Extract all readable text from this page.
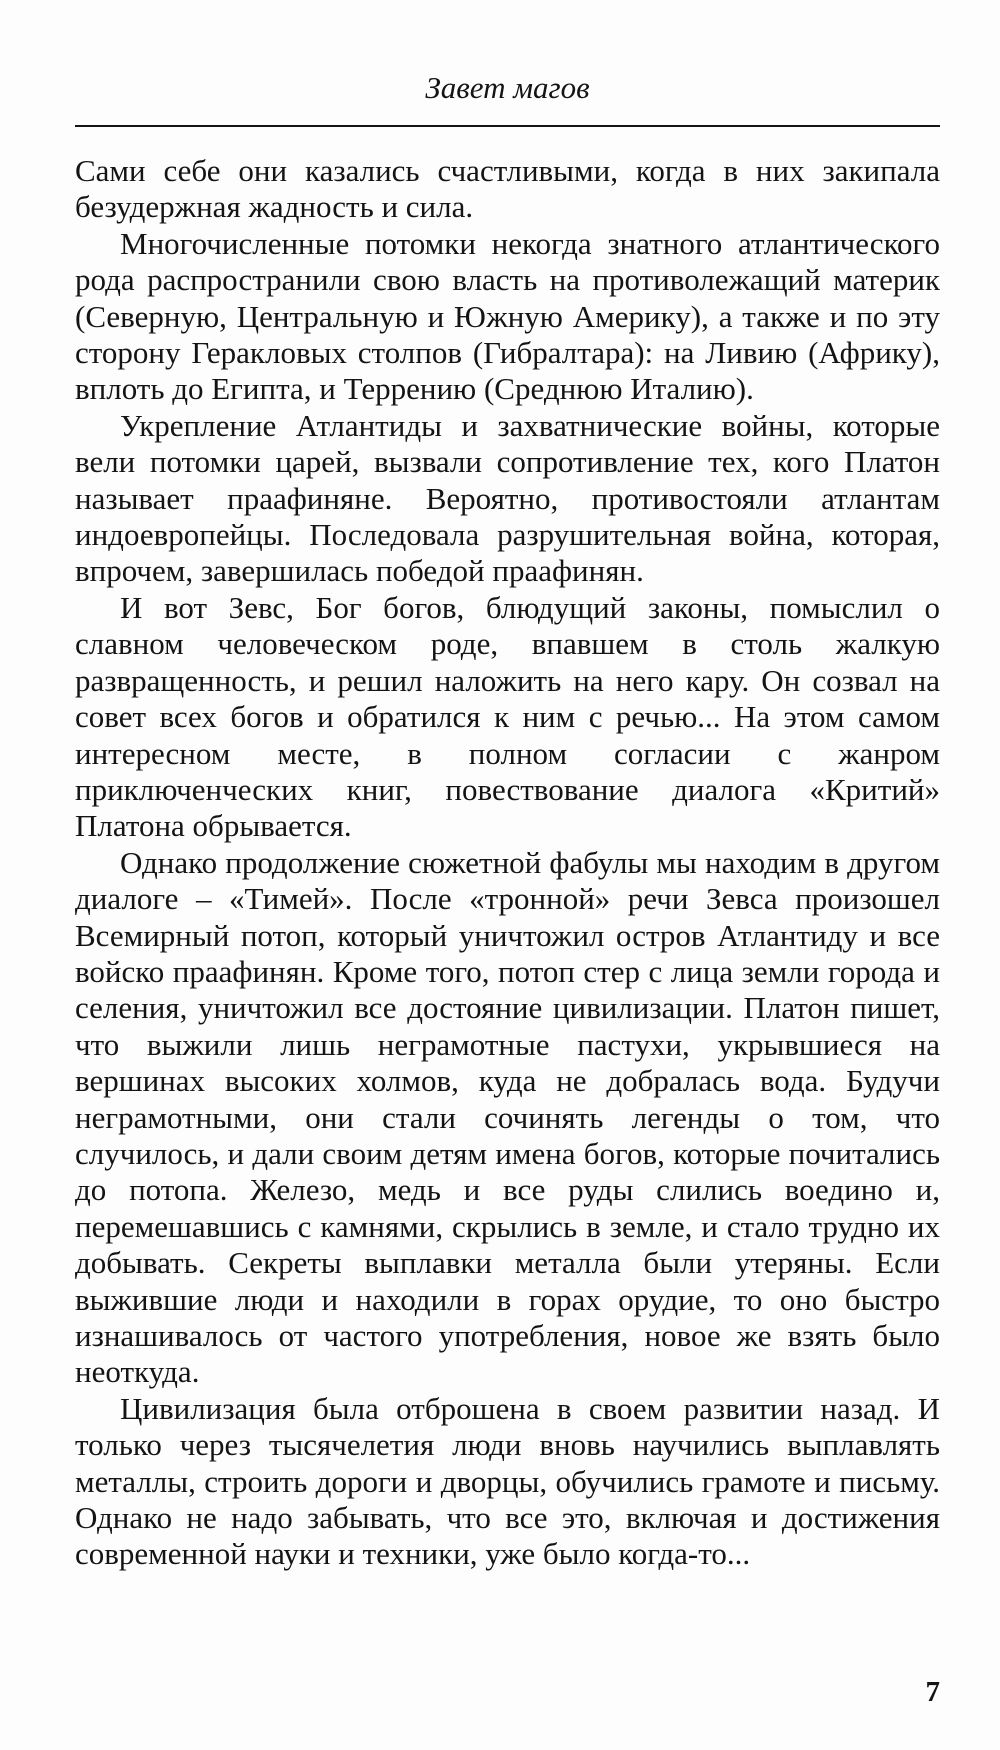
Завет магов

Сами себе они казались счастливыми, когда в них закипала безудержная жадность и сила.

Многочисленные потомки некогда знатного атлантического рода распространили свою власть на противолежащий материк (Северную, Центральную и Южную Америку), а также и по эту сторону Геракловых столпов (Гибралтара): на Ливию (Африку), вплоть до Египта, и Террению (Среднюю Италию).

Укрепление Атлантиды и захватнические войны, которые вели потомки царей, вызвали сопротивление тех, кого Платон называет праафиняне. Вероятно, противостояли атлантам индоевропейцы. Последовала разрушительная война, которая, впрочем, завершилась победой праафинян.

И вот Зевс, Бог богов, блюдущий законы, помыслил о славном человеческом роде, впавшем в столь жалкую развращенность, и решил наложить на него кару. Он созвал на совет всех богов и обратился к ним с речью... На этом самом интересном месте, в полном согласии с жанром приключенческих книг, повествование диалога «Критий» Платона обрывается.

Однако продолжение сюжетной фабулы мы находим в другом диалоге – «Тимей». После «тронной» речи Зевса произошел Всемирный потоп, который уничтожил остров Атлантиду и все войско праафинян. Кроме того, потоп стер с лица земли города и селения, уничтожил все достояние цивилизации. Платон пишет, что выжили лишь неграмотные пастухи, укрывшиеся на вершинах высоких холмов, куда не добралась вода. Будучи неграмотными, они стали сочинять легенды о том, что случилось, и дали своим детям имена богов, которые почитались до потопа. Железо, медь и все руды слились воедино и, перемешавшись с камнями, скрылись в земле, и стало трудно их добывать. Секреты выплавки металла были утеряны. Если выжившие люди и находили в горах орудие, то оно быстро изнашивалось от частого употребления, новое же взять было неоткуда.

Цивилизация была отброшена в своем развитии назад. И только через тысячелетия люди вновь научились выплавлять металлы, строить дороги и дворцы, обучились грамоте и письму. Однако не надо забывать, что все это, включая и достижения современной науки и техники, уже было когда-то...

7
